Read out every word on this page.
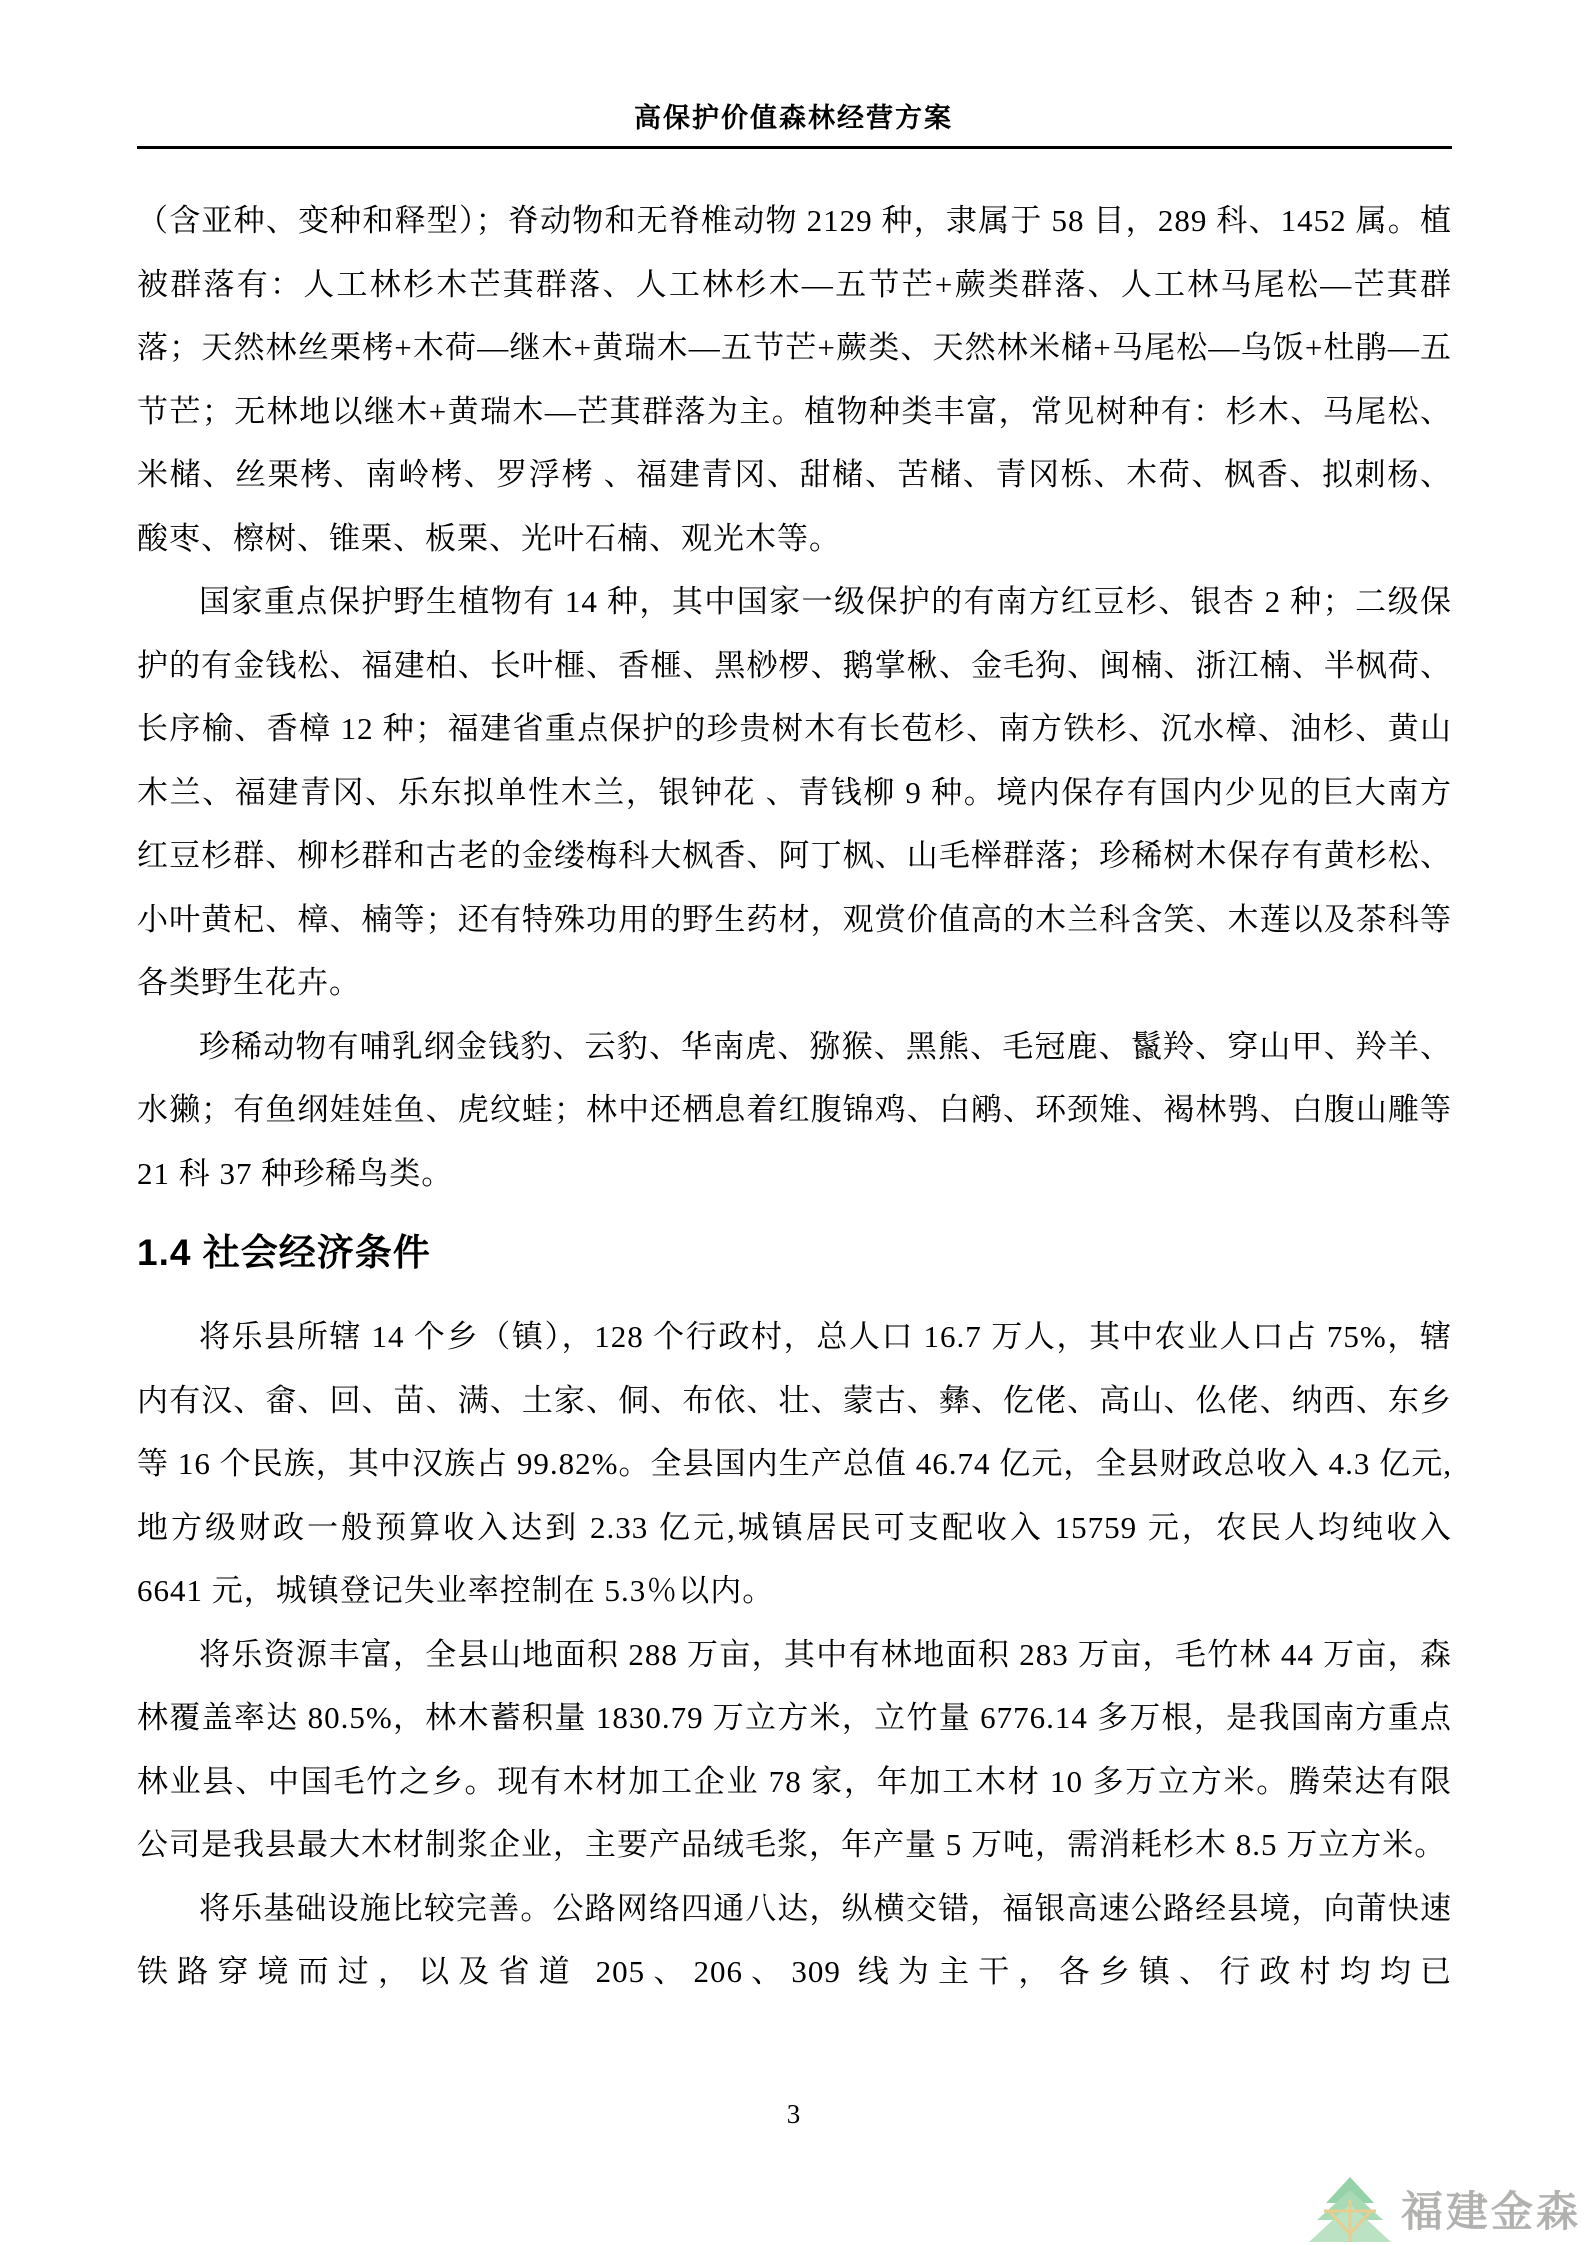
高保护价值森林经营方案

（含亚种、变种和释型）；脊动物和无脊椎动物 2129 种，隶属于 58 目，289 科、1452 属。植被群落有：人工林杉木芒萁群落、人工林杉木—五节芒+蕨类群落、人工林马尾松—芒萁群落；天然林丝栗栲+木荷—继木+黄瑞木—五节芒+蕨类、天然林米槠+马尾松—乌饭+杜鹃—五节芒；无林地以继木+黄瑞木—芒萁群落为主。植物种类丰富，常见树种有：杉木、马尾松、米槠、丝栗栲、南岭栲、罗浮栲 、福建青冈、甜槠、苦槠、青冈栎、木荷、枫香、拟刺杨、酸枣、檫树、锥栗、板栗、光叶石楠、观光木等。

国家重点保护野生植物有 14 种，其中国家一级保护的有南方红豆杉、银杏 2 种；二级保护的有金钱松、福建柏、长叶榧、香榧、黑桫椤、鹅掌楸、金毛狗、闽楠、浙江楠、半枫荷、长序榆、香樟 12 种；福建省重点保护的珍贵树木有长苞杉、南方铁杉、沉水樟、油杉、黄山木兰、福建青冈、乐东拟单性木兰，银钟花 、青钱柳 9 种。境内保存有国内少见的巨大南方红豆杉群、柳杉群和古老的金缕梅科大枫香、阿丁枫、山毛榉群落；珍稀树木保存有黄杉松、小叶黄杞、樟、楠等；还有特殊功用的野生药材，观赏价值高的木兰科含笑、木莲以及茶科等各类野生花卉。

珍稀动物有哺乳纲金钱豹、云豹、华南虎、猕猴、黑熊、毛冠鹿、鬣羚、穿山甲、羚羊、水獭；有鱼纲娃娃鱼、虎纹蛙；林中还栖息着红腹锦鸡、白鹇、环颈雉、褐林鸮、白腹山雕等 21 科 37 种珍稀鸟类。

1.4 社会经济条件

将乐县所辖 14 个乡（镇），128 个行政村，总人口 16.7 万人，其中农业人口占 75%，辖内有汉、畲、回、苗、满、土家、侗、布依、壮、蒙古、彝、仡佬、高山、仫佬、纳西、东乡等 16 个民族，其中汉族占 99.82%。全县国内生产总值 46.74 亿元，全县财政总收入 4.3 亿元,地方级财政一般预算收入达到 2.33 亿元,城镇居民可支配收入 15759 元，农民人均纯收入 6641 元，城镇登记失业率控制在 5.3％以内。

将乐资源丰富，全县山地面积 288 万亩，其中有林地面积 283 万亩，毛竹林 44 万亩，森林覆盖率达 80.5%，林木蓄积量 1830.79 万立方米，立竹量 6776.14 多万根，是我国南方重点林业县、中国毛竹之乡。现有木材加工企业 78 家，年加工木材 10 多万立方米。腾荣达有限公司是我县最大木材制浆企业，主要产品绒毛浆，年产量 5 万吨，需消耗杉木 8.5 万立方米。

将乐基础设施比较完善。公路网络四通八达，纵横交错，福银高速公路经县境，向莆快速铁路穿境而过，以及省道 205、206、309 线为主干，各乡镇、行政村均均已

3
福建金森
